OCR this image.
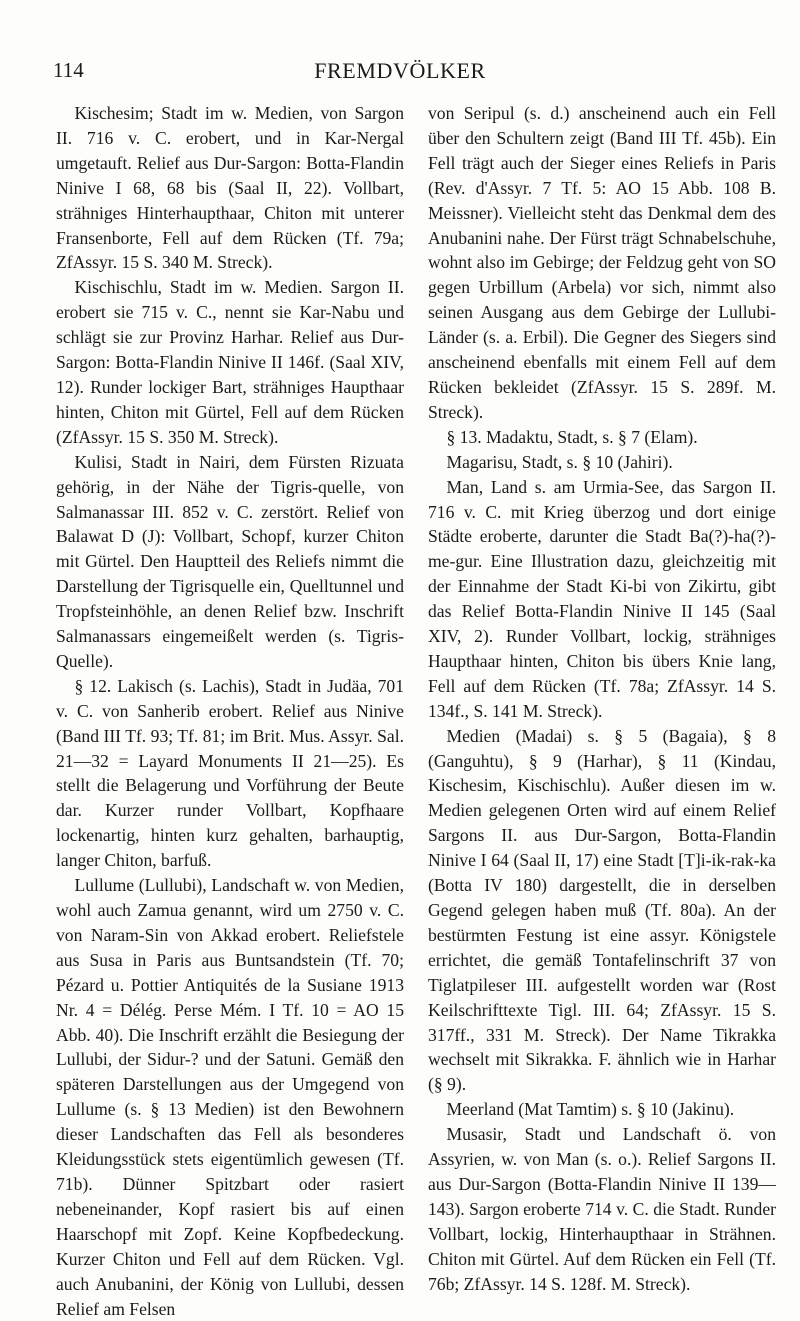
114	FREMDVÖLKER

Kischesim; Stadt im w. Medien, von Sargon II. 716 v. C. erobert, und in Kar-Nergal umgetauft. Relief aus Dur-Sargon: Botta-Flandin Ninive I 68, 68 bis (Saal II, 22). Vollbart, strähniges Hinterhaupthaar, Chiton mit unterer Fransenborte, Fell auf dem Rücken (Tf. 79a; ZfAssyr. 15 S. 340 M. Streck).

Kischischlu, Stadt im w. Medien. Sargon II. erobert sie 715 v. C., nennt sie Kar-Nabu und schlägt sie zur Provinz Harhar. Relief aus Dur-Sargon: Botta-Flandin Ninive II 146f. (Saal XIV, 12). Runder lockiger Bart, strähniges Haupthaar hinten, Chiton mit Gürtel, Fell auf dem Rücken (ZfAssyr. 15 S. 350 M. Streck).

Kulisi, Stadt in Nairi, dem Fürsten Rizuata gehörig, in der Nähe der Tigris-quelle, von Salmanassar III. 852 v. C. zerstört. Relief von Balawat D (J): Vollbart, Schopf, kurzer Chiton mit Gürtel. Den Hauptteil des Reliefs nimmt die Darstellung der Tigrisquelle ein, Quelltunnel und Tropfsteinhöhle, an denen Relief bzw. Inschrift Salmanassars eingemeißelt werden (s. Tigris-Quelle).

§ 12. Lakisch (s. Lachis), Stadt in Judäa, 701 v. C. von Sanherib erobert. Relief aus Ninive (Band III Tf. 93; Tf. 81; im Brit. Mus. Assyr. Sal. 21—32 = Layard Monuments II 21—25). Es stellt die Belagerung und Vorführung der Beute dar. Kurzer runder Vollbart, Kopfhaare lockenartig, hinten kurz gehalten, barhauptig, langer Chiton, barfuß.

Lullume (Lullubi), Landschaft w. von Medien, wohl auch Zamua genannt, wird um 2750 v. C. von Naram-Sin von Akkad erobert. Reliefstele aus Susa in Paris aus Buntsandstein (Tf. 70; Pézard u. Pottier Antiquités de la Susiane 1913 Nr. 4 = Délég. Perse Mém. I Tf. 10 = AO 15 Abb. 40). Die Inschrift erzählt die Besiegung der Lullubi, der Sidur-? und der Satuni. Gemäß den späteren Darstellungen aus der Umgegend von Lullume (s. § 13 Medien) ist den Bewohnern dieser Landschaften das Fell als besonderes Kleidungsstück stets eigentümlich gewesen (Tf. 71b). Dünner Spitzbart oder rasiert nebeneinander, Kopf rasiert bis auf einen Haarschopf mit Zopf. Keine Kopfbedeckung. Kurzer Chiton und Fell auf dem Rücken. Vgl. auch Anubanini, der König von Lullubi, dessen Relief am Felsen

von Seripul (s. d.) anscheinend auch ein Fell über den Schultern zeigt (Band III Tf. 45b). Ein Fell trägt auch der Sieger eines Reliefs in Paris (Rev. d'Assyr. 7 Tf. 5: AO 15 Abb. 108 B. Meissner). Vielleicht steht das Denkmal dem des Anubanini nahe. Der Fürst trägt Schnabelschuhe, wohnt also im Gebirge; der Feldzug geht von SO gegen Urbillum (Arbela) vor sich, nimmt also seinen Ausgang aus dem Gebirge der Lullubi-Länder (s. a. Erbil). Die Gegner des Siegers sind anscheinend ebenfalls mit einem Fell auf dem Rücken bekleidet (ZfAssyr. 15 S. 289f. M. Streck).

§ 13. Madaktu, Stadt, s. § 7 (Elam).

Magarisu, Stadt, s. § 10 (Jahiri).

Man, Land s. am Urmia-See, das Sargon II. 716 v. C. mit Krieg überzog und dort einige Städte eroberte, darunter die Stadt Ba(?)-ha(?)-me-gur. Eine Illustration dazu, gleichzeitig mit der Einnahme der Stadt Ki-bi von Zikirtu, gibt das Relief Botta-Flandin Ninive II 145 (Saal XIV, 2). Runder Vollbart, lockig, strähniges Haupthaar hinten, Chiton bis übers Knie lang, Fell auf dem Rücken (Tf. 78a; ZfAssyr. 14 S. 134f., S. 141 M. Streck).

Medien (Madai) s. § 5 (Bagaia), § 8 (Ganguhtu), § 9 (Harhar), § 11 (Kindau, Kischesim, Kischischlu). Außer diesen im w. Medien gelegenen Orten wird auf einem Relief Sargons II. aus Dur-Sargon, Botta-Flandin Ninive I 64 (Saal II, 17) eine Stadt [T]i-ik-rak-ka (Botta IV 180) dargestellt, die in derselben Gegend gelegen haben muß (Tf. 80a). An der bestürmten Festung ist eine assyr. Königstele errichtet, die gemäß Tontafelinschrift 37 von Tiglatpileser III. aufgestellt worden war (Rost Keilschrifttexte Tigl. III. 64; ZfAssyr. 15 S. 317ff., 331 M. Streck). Der Name Tikrakka wechselt mit Sikrakka. F. ähnlich wie in Harhar (§ 9).

Meerland (Mat Tamtim) s. § 10 (Jakinu).

Musasir, Stadt und Landschaft ö. von Assyrien, w. von Man (s. o.). Relief Sargons II. aus Dur-Sargon (Botta-Flandin Ninive II 139—143). Sargon eroberte 714 v. C. die Stadt. Runder Vollbart, lockig, Hinterhaupthaar in Strähnen. Chiton mit Gürtel. Auf dem Rücken ein Fell (Tf. 76b; ZfAssyr. 14 S. 128f. M. Streck).
